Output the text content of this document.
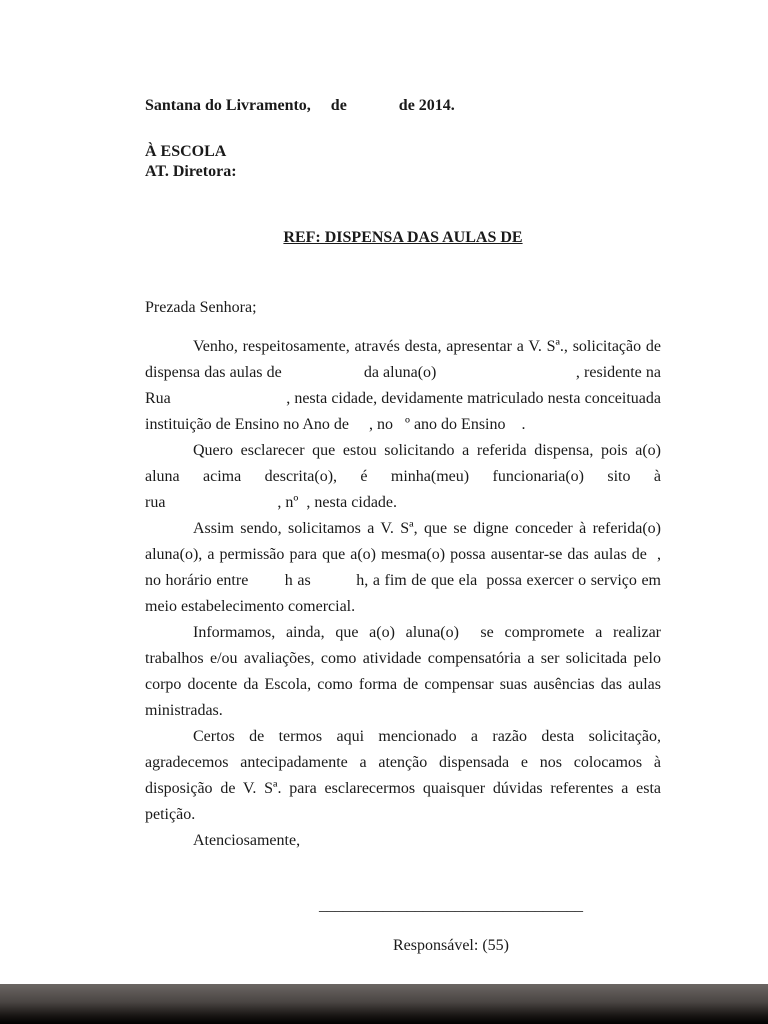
Santana do Livramento,     de             de 2014.

À ESCOLA

AT. Diretora:

REF: DISPENSA DAS AULAS DE

Prezada Senhora;

Venho, respeitosamente, através desta, apresentar a V. Sª., solicitação de dispensa das aulas de                    da aluna(o)                                  , residente na Rua                            , nesta cidade, devidamente matriculado nesta conceituada instituição de Ensino no Ano de     , no   º ano do Ensino    .

Quero esclarecer que estou solicitando a referida dispensa, pois a(o) aluna acima descrita(o), é minha(meu) funcionaria(o) sito à rua                            , nº  , nesta cidade.

Assim sendo, solicitamos a V. Sª, que se digne conceder à referida(o) aluna(o), a permissão para que a(o) mesma(o) possa ausentar-se das aulas de  , no horário entre        h as          h, a fim de que ela  possa exercer o serviço em meio estabelecimento comercial.

Informamos, ainda, que a(o) aluna(o)  se compromete a realizar trabalhos e/ou avaliações, como atividade compensatória a ser solicitada pelo corpo docente da Escola, como forma de compensar suas ausências das aulas ministradas.

Certos de termos aqui mencionado a razão desta solicitação, agradecemos antecipadamente a atenção dispensada e nos colocamos à disposição de V. Sª. para esclarecermos quaisquer dúvidas referentes a esta petição.

Atenciosamente,

_________________________________

Responsável: (55)
